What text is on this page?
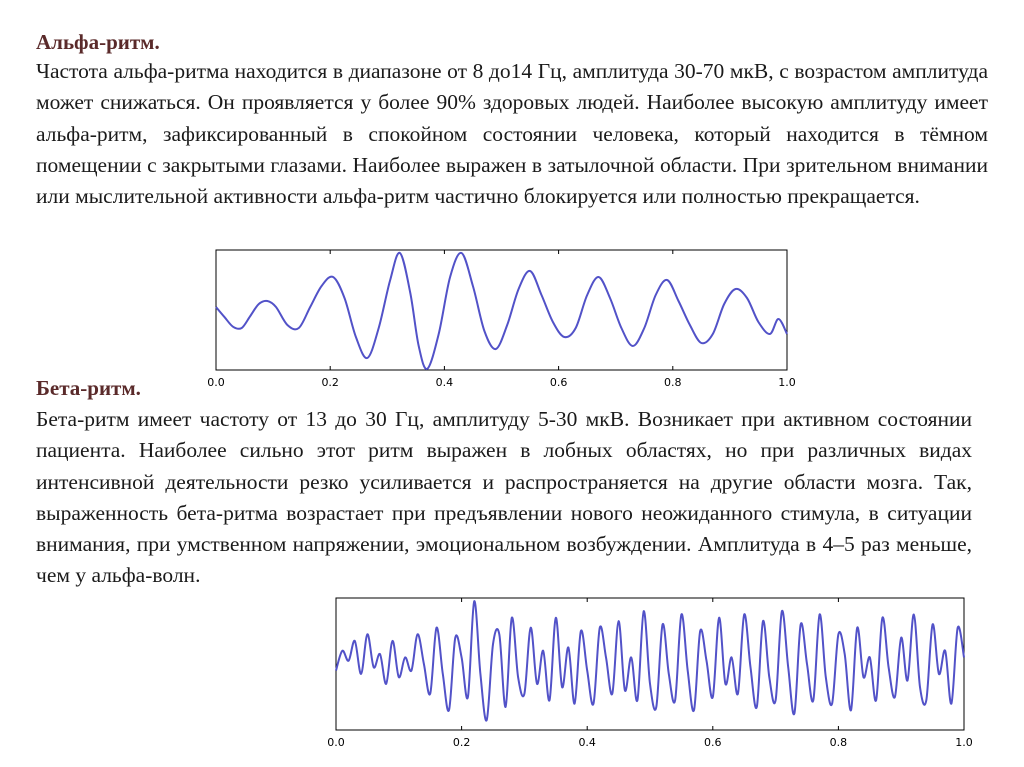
Альфа-ритм.

Частота альфа-ритма находится в диапазоне от 8 до14 Гц, амплитуда 30-70 мкВ, с возрастом амплитуда может снижаться. Он проявляется у более 90% здоровых людей. Наиболее высокую амплитуду имеет альфа-ритм, зафиксированный в спокойном состоянии человека, который находится в тёмном помещении с закрытыми глазами. Наиболее выражен в затылочной области. При зрительном внимании или мыслительной активности альфа-ритм частично блокируется или полностью прекращается.

0.0	0.2	0.4	0.6	0.8	1.0
Бета-ритм.

Бета-ритм имеет частоту от 13 до 30 Гц, амплитуду 5-30 мкВ. Возникает при активном состоянии пациента. Наиболее сильно этот ритм выражен в лобных областях, но при различных видах интенсивной деятельности резко усиливается и распространяется на другие области мозга. Так, выраженность бета-ритма возрастает при предъявлении нового неожиданного стимула, в ситуации внимания, при умственном напряжении, эмоциональном возбуждении. Амплитуда в 4–5 раз меньше, чем у альфа-волн.

0.0	0.2	0.4	0.6	0.8	1.0
